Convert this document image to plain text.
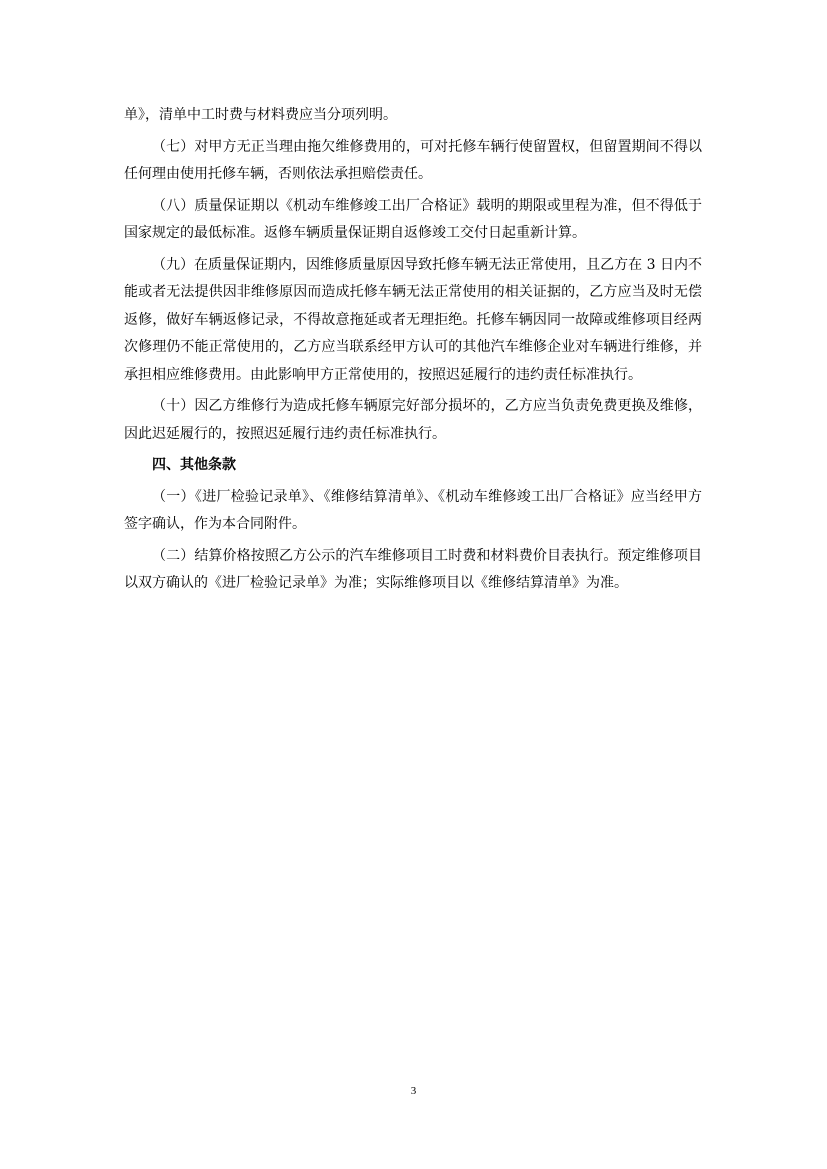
单》，清单中工时费与材料费应当分项列明。

（七）对甲方无正当理由拖欠维修费用的，可对托修车辆行使留置权，但留置期间不得以任何理由使用托修车辆，否则依法承担赔偿责任。

（八）质量保证期以《机动车维修竣工出厂合格证》载明的期限或里程为准，但不得低于国家规定的最低标准。返修车辆质量保证期自返修竣工交付日起重新计算。

（九）在质量保证期内，因维修质量原因导致托修车辆无法正常使用，且乙方在 3 日内不能或者无法提供因非维修原因而造成托修车辆无法正常使用的相关证据的，乙方应当及时无偿返修，做好车辆返修记录，不得故意拖延或者无理拒绝。托修车辆因同一故障或维修项目经两次修理仍不能正常使用的，乙方应当联系经甲方认可的其他汽车维修企业对车辆进行维修，并承担相应维修费用。由此影响甲方正常使用的，按照迟延履行的违约责任标准执行。

（十）因乙方维修行为造成托修车辆原完好部分损坏的，乙方应当负责免费更换及维修，因此迟延履行的，按照迟延履行违约责任标准执行。

四、其他条款

（一）《进厂检验记录单》、《维修结算清单》、《机动车维修竣工出厂合格证》应当经甲方签字确认，作为本合同附件。

（二）结算价格按照乙方公示的汽车维修项目工时费和材料费价目表执行。预定维修项目以双方确认的《进厂检验记录单》为准；实际维修项目以《维修结算清单》为准。

3
